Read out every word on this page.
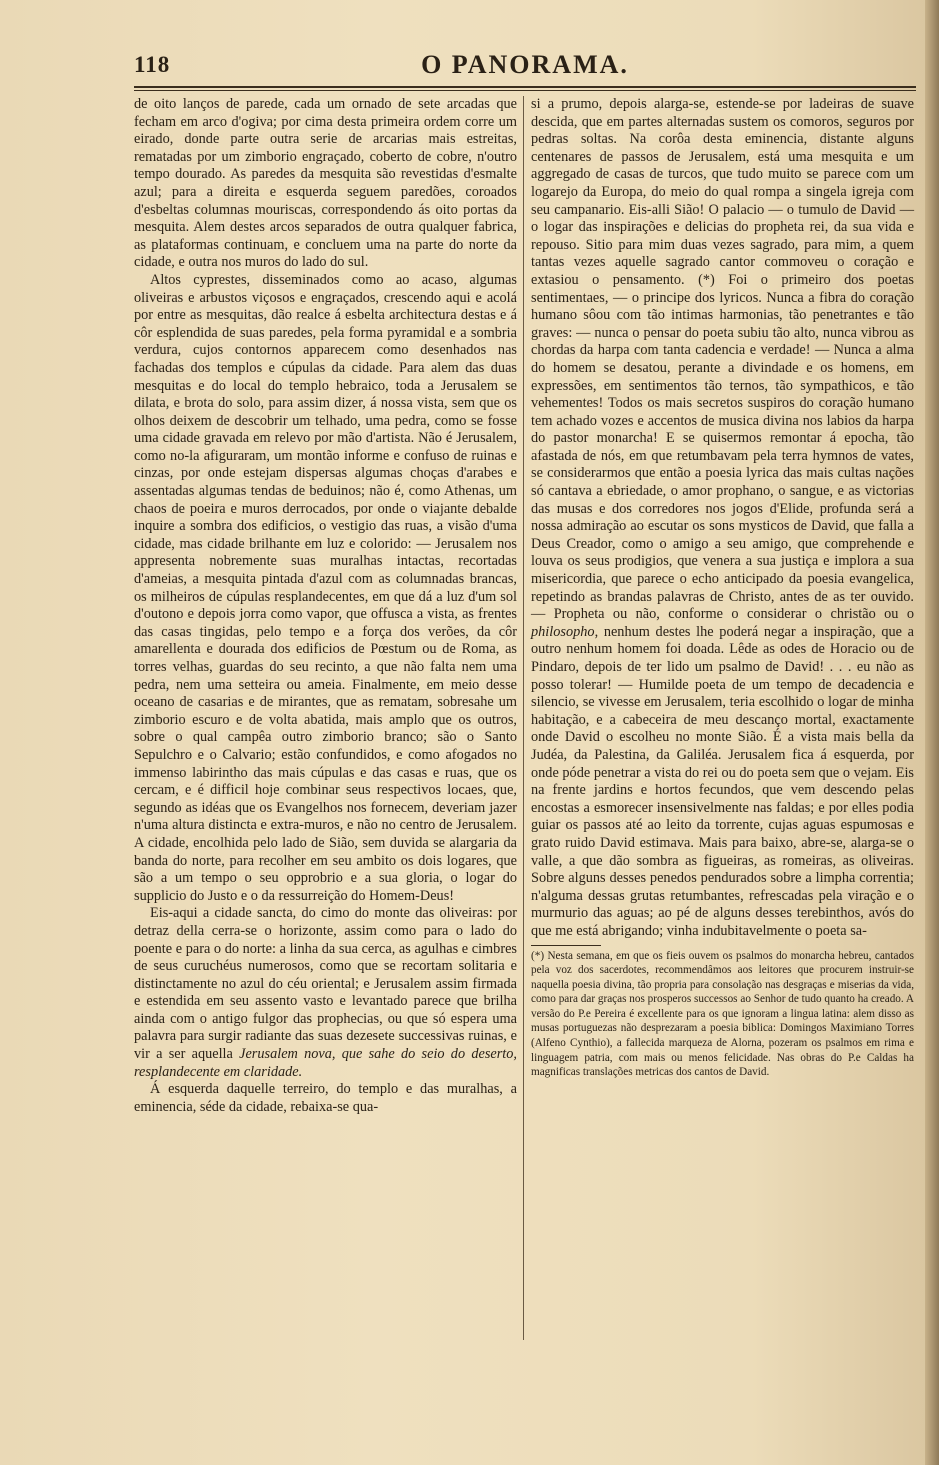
118	O PANORAMA.

de oito lanços de parede, cada um ornado de sete arcadas que fecham em arco d'ogiva; por cima desta primeira ordem corre um eirado, donde parte outra serie de arcarias mais estreitas, rematadas por um zimborio engraçado, coberto de cobre, n'outro tempo dourado. As paredes da mesquita são revestidas d'esmalte azul; para a direita e esquerda seguem paredões, coroados d'esbeltas columnas mouriscas, correspondendo ás oito portas da mesquita. Alem destes arcos separados de outra qualquer fabrica, as plataformas continuam, e concluem uma na parte do norte da cidade, e outra nos muros do lado do sul.

Altos cyprestes, disseminados como ao acaso, algumas oliveiras e arbustos viçosos e engraçados, crescendo aqui e acolá por entre as mesquitas, dão realce á esbelta architectura destas e á côr esplendida de suas paredes, pela forma pyramidal e a sombria verdura, cujos contornos apparecem como desenhados nas fachadas dos templos e cúpulas da cidade. Para alem das duas mesquitas e do local do templo hebraico, toda a Jerusalem se dilata, e brota do solo, para assim dizer, á nossa vista, sem que os olhos deixem de descobrir um telhado, uma pedra, como se fosse uma cidade gravada em relevo por mão d'artista. Não é Jerusalem, como no-la afiguraram, um montão informe e confuso de ruinas e cinzas, por onde estejam dispersas algumas choças d'arabes e assentadas algumas tendas de beduinos; não é, como Athenas, um chaos de poeira e muros derrocados, por onde o viajante debalde inquire a sombra dos edificios, o vestigio das ruas, a visão d'uma cidade, mas cidade brilhante em luz e colorido: — Jerusalem nos appresenta nobremente suas muralhas intactas, recortadas d'ameias, a mesquita pintada d'azul com as columnadas brancas, os milheiros de cúpulas resplandecentes, em que dá a luz d'um sol d'outono e depois jorra como vapor, que offusca a vista, as frentes das casas tingidas, pelo tempo e a força dos verões, da côr amarellenta e dourada dos edificios de Pœstum ou de Roma, as torres velhas, guardas do seu recinto, a que não falta nem uma pedra, nem uma setteira ou ameia. Finalmente, em meio desse oceano de casarias e de mirantes, que as rematam, sobresahe um zimborio escuro e de volta abatida, mais amplo que os outros, sobre o qual campêa outro zimborio branco; são o Santo Sepulchro e o Calvario; estão confundidos, e como afogados no immenso labirintho das mais cúpulas e das casas e ruas, que os cercam, e é difficil hoje combinar seus respectivos locaes, que, segundo as idéas que os Evangelhos nos fornecem, deveriam jazer n'uma altura distincta e extra-muros, e não no centro de Jerusalem. A cidade, encolhida pelo lado de Sião, sem duvida se alargaria da banda do norte, para recolher em seu ambito os dois logares, que são a um tempo o seu opprobrio e a sua gloria, o logar do supplicio do Justo e o da ressurreição do Homem-Deus!

Eis-aqui a cidade sancta, do cimo do monte das oliveiras: por detraz della cerra-se o horizonte, assim como para o lado do poente e para o do norte: a linha da sua cerca, as agulhas e cimbres de seus curuchéus numerosos, como que se recortam solitaria e distinctamente no azul do céu oriental; e Jerusalem assim firmada e estendida em seu assento vasto e levantado parece que brilha ainda com o antigo fulgor das prophecias, ou que só espera uma palavra para surgir radiante das suas dezesete successivas ruinas, e vir a ser aquella Jerusalem nova, que sahe do seio do deserto, resplandecente em claridade.

Á esquerda daquelle terreiro, do templo e das muralhas, a eminencia, séde da cidade, rebaixa-se qua-

si a prumo, depois alarga-se, estende-se por ladeiras de suave descida, que em partes alternadas sustem os comoros, seguros por pedras soltas. Na corôa desta eminencia, distante alguns centenares de passos de Jerusalem, está uma mesquita e um aggregado de casas de turcos, que tudo muito se parece com um logarejo da Europa, do meio do qual rompa a singela igreja com seu campanario. Eis-alli Sião! O palacio — o tumulo de David — o logar das inspirações e delicias do propheta rei, da sua vida e repouso. Sitio para mim duas vezes sagrado, para mim, a quem tantas vezes aquelle sagrado cantor commoveu o coração e extasiou o pensamento. (*) Foi o primeiro dos poetas sentimentaes, — o principe dos lyricos. Nunca a fibra do coração humano sôou com tão intimas harmonias, tão penetrantes e tão graves: — nunca o pensar do poeta subiu tão alto, nunca vibrou as chordas da harpa com tanta cadencia e verdade! — Nunca a alma do homem se desatou, perante a divindade e os homens, em expressões, em sentimentos tão ternos, tão sympathicos, e tão vehementes! Todos os mais secretos suspiros do coração humano tem achado vozes e accentos de musica divina nos labios da harpa do pastor monarcha! E se quisermos remontar á epocha, tão afastada de nós, em que retumbavam pela terra hymnos de vates, se considerarmos que então a poesia lyrica das mais cultas nações só cantava a ebriedade, o amor prophano, o sangue, e as victorias das musas e dos corredores nos jogos d'Elide, profunda será a nossa admiração ao escutar os sons mysticos de David, que falla a Deus Creador, como o amigo a seu amigo, que comprehende e louva os seus prodigios, que venera a sua justiça e implora a sua misericordia, que parece o echo anticipado da poesia evangelica, repetindo as brandas palavras de Christo, antes de as ter ouvido. — Propheta ou não, conforme o considerar o christão ou o philosopho, nenhum destes lhe poderá negar a inspiração, que a outro nenhum homem foi doada. Lêde as odes de Horacio ou de Pindaro, depois de ter lido um psalmo de David! . . . eu não as posso tolerar! — Humilde poeta de um tempo de decadencia e silencio, se vivesse em Jerusalem, teria escolhido o logar de minha habitação, e a cabeceira de meu descanço mortal, exactamente onde David o escolheu no monte Sião. É a vista mais bella da Judéa, da Palestina, da Galiléa. Jerusalem fica á esquerda, por onde póde penetrar a vista do rei ou do poeta sem que o vejam. Eis na frente jardins e hortos fecundos, que vem descendo pelas encostas a esmorecer insensivelmente nas faldas; e por elles podia guiar os passos até ao leito da torrente, cujas aguas espumosas e grato ruido David estimava. Mais para baixo, abre-se, alarga-se o valle, a que dão sombra as figueiras, as romeiras, as oliveiras. Sobre alguns desses penedos pendurados sobre a limpha correntia; n'alguma dessas grutas retumbantes, refrescadas pela viração e o murmurio das aguas; ao pé de alguns desses terebinthos, avós do que me está abrigando; vinha indubitavelmente o poeta sa-

(*) Nesta semana, em que os fieis ouvem os psalmos do monarcha hebreu, cantados pela voz dos sacerdotes, recommendâmos aos leitores que procurem instruir-se naquella poesia divina, tão propria para consolação nas desgraças e miserias da vida, como para dar graças nos prosperos successos ao Senhor de tudo quanto ha creado. A versão do P.e Pereira é excellente para os que ignoram a lingua latina: alem disso as musas portuguezas não desprezaram a poesia biblica: Domingos Maximiano Torres (Alfeno Cynthio), a fallecida marqueza de Alorna, pozeram os psalmos em rima e linguagem patria, com mais ou menos felicidade. Nas obras do P.e Caldas ha magnificas translações metricas dos cantos de David.
